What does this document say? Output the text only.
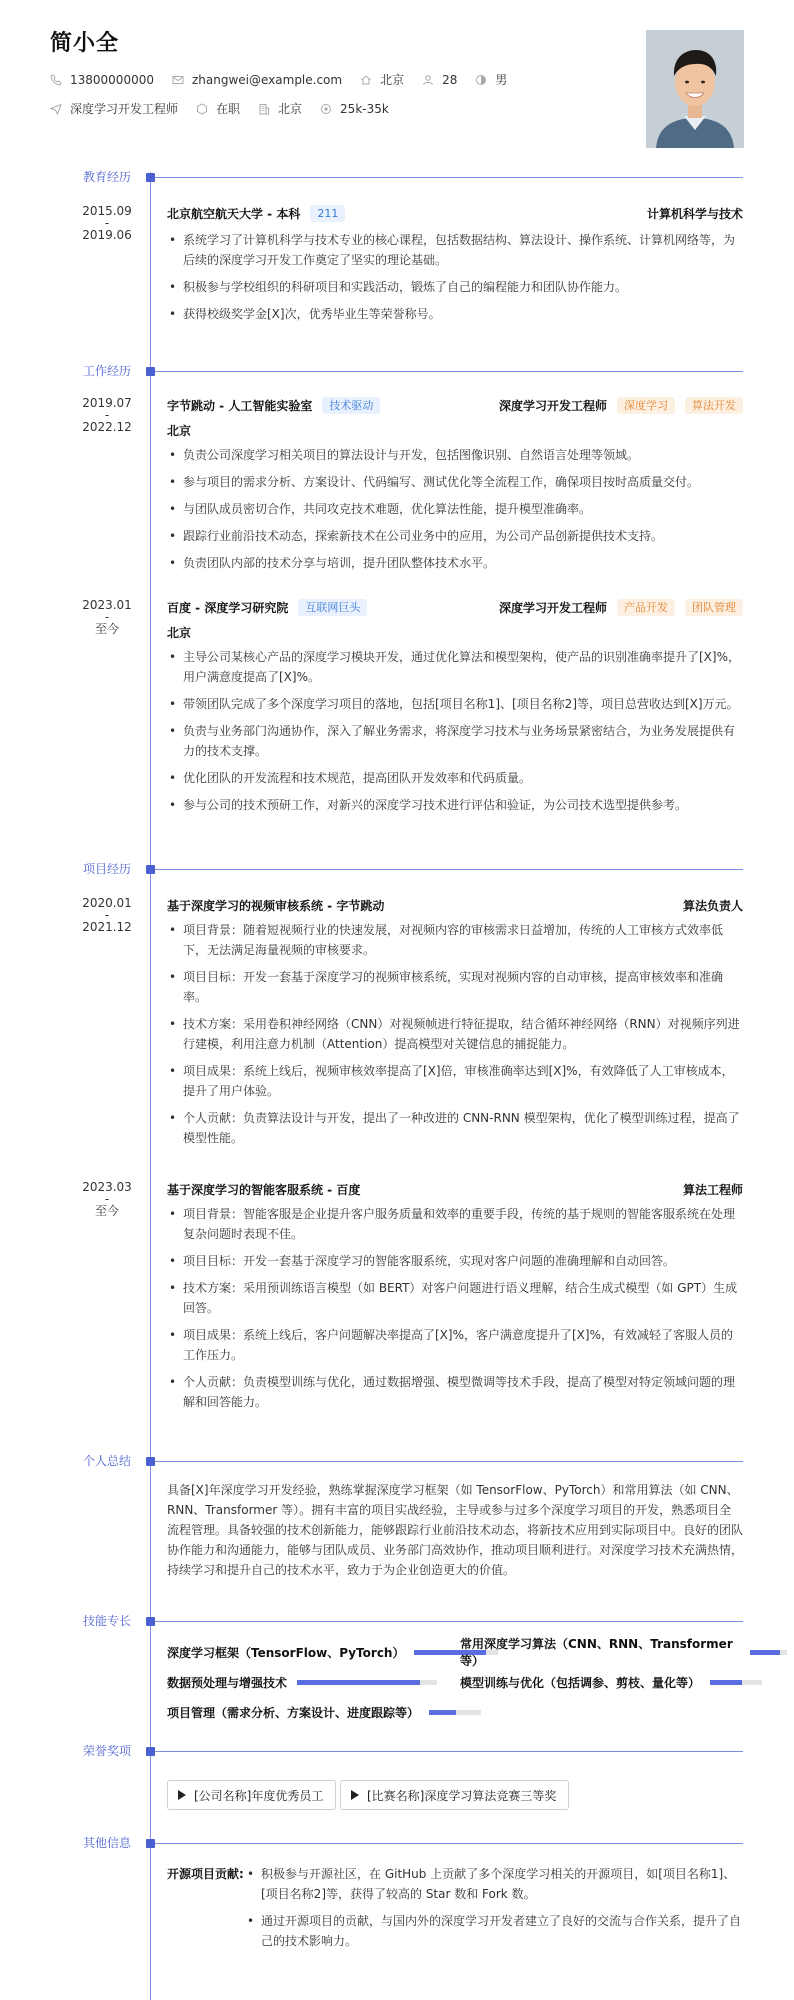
简小全
13800000000	zhangwei@example.com	北京	28	男
深度学习开发工程师	在职	北京	25k-35k
教育经历
2015.09
-
2019.06
北京航空航天大学 - 本科	211	计算机科学与技术
• 系统学习了计算机科学与技术专业的核心课程，包括数据结构、算法设计、操作系统、计算机网络等，为后续的深度学习开发工作奠定了坚实的理论基础。
• 积极参与学校组织的科研项目和实践活动，锻炼了自己的编程能力和团队协作能力。
• 获得校级奖学金[X]次，优秀毕业生等荣誉称号。
工作经历
2019.07
-
2022.12
字节跳动 - 人工智能实验室	技术驱动	深度学习开发工程师	深度学习	算法开发
北京
• 负责公司深度学习相关项目的算法设计与开发，包括图像识别、自然语言处理等领域。
• 参与项目的需求分析、方案设计、代码编写、测试优化等全流程工作，确保项目按时高质量交付。
• 与团队成员密切合作，共同攻克技术难题，优化算法性能，提升模型准确率。
• 跟踪行业前沿技术动态，探索新技术在公司业务中的应用，为公司产品创新提供技术支持。
• 负责团队内部的技术分享与培训，提升团队整体技术水平。
2023.01
-
至今
百度 - 深度学习研究院	互联网巨头	深度学习开发工程师	产品开发	团队管理
北京
• 主导公司某核心产品的深度学习模块开发，通过优化算法和模型架构，使产品的识别准确率提升了[X]%，用户满意度提高了[X]%。
• 带领团队完成了多个深度学习项目的落地，包括[项目名称1]、[项目名称2]等，项目总营收达到[X]万元。
• 负责与业务部门沟通协作，深入了解业务需求，将深度学习技术与业务场景紧密结合，为业务发展提供有力的技术支撑。
• 优化团队的开发流程和技术规范，提高团队开发效率和代码质量。
• 参与公司的技术预研工作，对新兴的深度学习技术进行评估和验证，为公司技术选型提供参考。
项目经历
2020.01
-
2021.12
基于深度学习的视频审核系统 - 字节跳动	算法负责人
• 项目背景：随着短视频行业的快速发展，对视频内容的审核需求日益增加，传统的人工审核方式效率低下，无法满足海量视频的审核要求。
• 项目目标：开发一套基于深度学习的视频审核系统，实现对视频内容的自动审核，提高审核效率和准确率。
• 技术方案：采用卷积神经网络（CNN）对视频帧进行特征提取，结合循环神经网络（RNN）对视频序列进行建模，利用注意力机制（Attention）提高模型对关键信息的捕捉能力。
• 项目成果：系统上线后，视频审核效率提高了[X]倍，审核准确率达到[X]%，有效降低了人工审核成本，提升了用户体验。
• 个人贡献：负责算法设计与开发，提出了一种改进的 CNN-RNN 模型架构，优化了模型训练过程，提高了模型性能。
2023.03
-
至今
基于深度学习的智能客服系统 - 百度	算法工程师
• 项目背景：智能客服是企业提升客户服务质量和效率的重要手段，传统的基于规则的智能客服系统在处理复杂问题时表现不佳。
• 项目目标：开发一套基于深度学习的智能客服系统，实现对客户问题的准确理解和自动回答。
• 技术方案：采用预训练语言模型（如 BERT）对客户问题进行语义理解，结合生成式模型（如 GPT）生成回答。
• 项目成果：系统上线后，客户问题解决率提高了[X]%，客户满意度提升了[X]%，有效减轻了客服人员的工作压力。
• 个人贡献：负责模型训练与优化，通过数据增强、模型微调等技术手段，提高了模型对特定领域问题的理解和回答能力。
个人总结
具备[X]年深度学习开发经验，熟练掌握深度学习框架（如 TensorFlow、PyTorch）和常用算法（如 CNN、RNN、Transformer 等）。拥有丰富的项目实战经验，主导或参与过多个深度学习项目的开发，熟悉项目全流程管理。具备较强的技术创新能力，能够跟踪行业前沿技术动态，将新技术应用到实际项目中。良好的团队协作能力和沟通能力，能够与团队成员、业务部门高效协作，推动项目顺利进行。对深度学习技术充满热情，持续学习和提升自己的技术水平，致力于为企业创造更大的价值。
技能专长
深度学习框架（TensorFlow、PyTorch）
常用深度学习算法（CNN、RNN、Transformer 等）
数据预处理与增强技术	模型训练与优化（包括调参、剪枝、量化等）
项目管理（需求分析、方案设计、进度跟踪等）
荣誉奖项
[公司名称]年度优秀员工	[比赛名称]深度学习算法竞赛三等奖
其他信息
开源项目贡献:
•	积极参与开源社区，在 GitHub 上贡献了多个深度学习相关的开源项目，如[项目名称1]、[项目名称2]等，获得了较高的 Star 数和 Fork 数。
• 通过开源项目的贡献，与国内外的深度学习开发者建立了良好的交流与合作关系，提升了自己的技术影响力。
